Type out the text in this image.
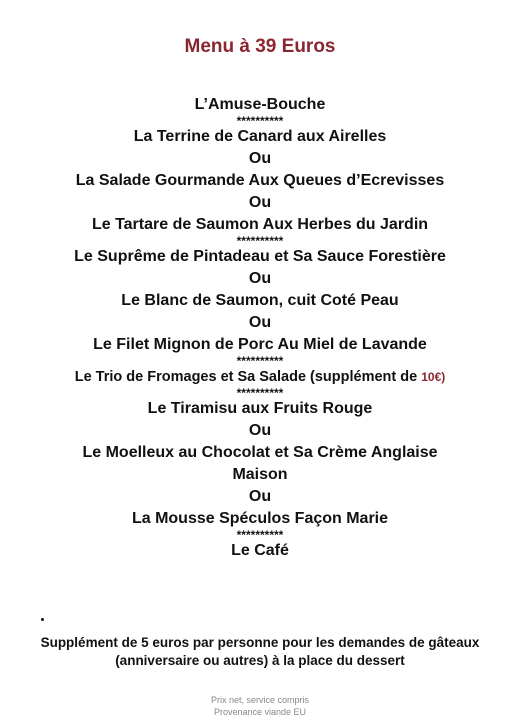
Menu à 39 Euros
L’Amuse-Bouche
**********
La Terrine de Canard aux Airelles
Ou
La Salade Gourmande Aux Queues d’Ecrevisses
Ou
Le Tartare de Saumon Aux Herbes du Jardin
**********
Le Suprême de Pintadeau et Sa Sauce Forestière
Ou
Le Blanc de Saumon, cuit Coté Peau
Ou
Le Filet Mignon de Porc Au Miel de Lavande
**********
Le Trio de Fromages et Sa Salade (supplément de 10€)
**********
Le Tiramisu aux Fruits Rouge
Ou
Le Moelleux au Chocolat et Sa Crème Anglaise
Maison
Ou
La Mousse Spéculos Façon Marie
**********
Le Café
Supplément de 5 euros par personne pour les demandes de gâteaux
(anniversaire ou autres) à la place du dessert
Prix net, service compris
Provenance viande EU
